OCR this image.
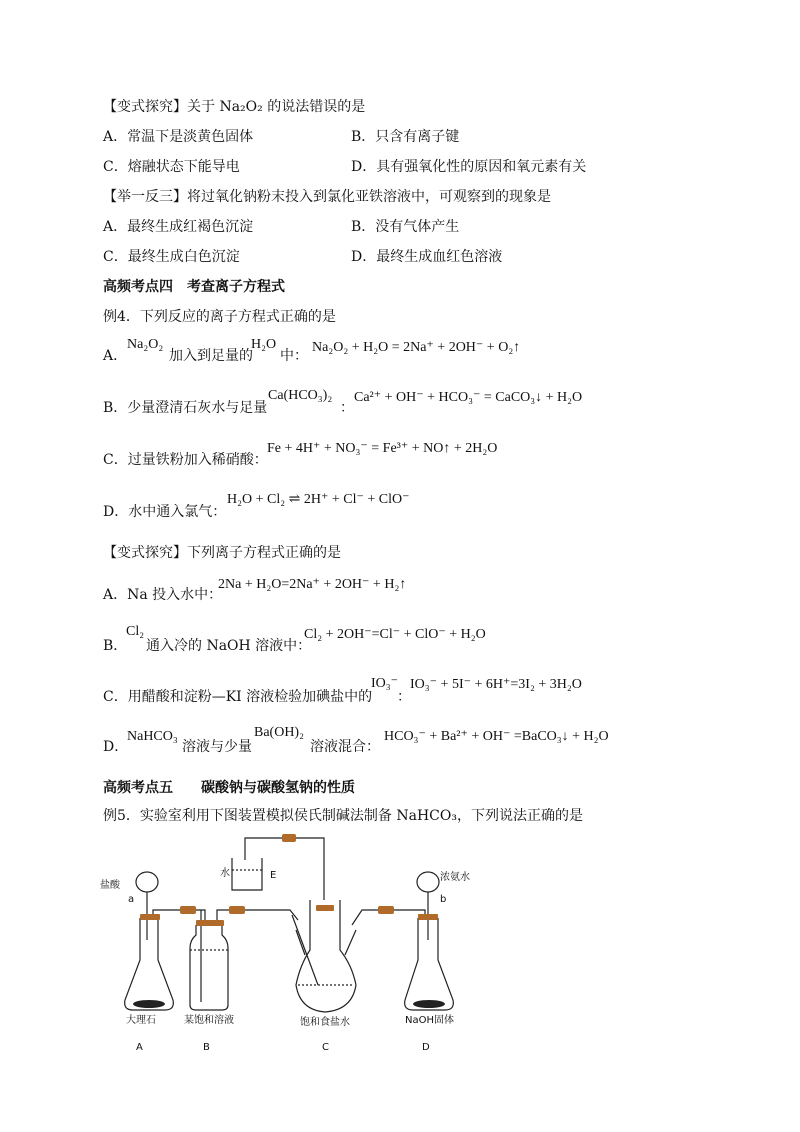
【变式探究】关于 Na₂O₂ 的说法错误的是
A．常温下是淡黄色固体	B．只含有离子键
C．熔融状态下能导电	D．具有强氧化性的原因和氧元素有关
【举一反三】将过氧化钠粉末投入到氯化亚铁溶液中，可观察到的现象是
A．最终生成红褐色沉淀	B．没有气体产生
C．最终生成白色沉淀	D．最终生成血红色溶液
高频考点四　考查离子方程式
例4．下列反应的离子方程式正确的是
A．
Na₂O₂
加入到足量的
H₂O
中：
Na₂O₂ + H₂O = 2Na⁺ + 2OH⁻ + O₂↑
B．少量澄清石灰水与足量
Ca(HCO₃)₂
：
Ca²⁺ + OH⁻ + HCO₃⁻ = CaCO₃↓ + H₂O
C．过量铁粉加入稀硝酸：
Fe + 4H⁺ + NO₃⁻ = Fe³⁺ + NO↑ + 2H₂O
D．水中通入氯气：
H₂O + Cl₂ ⇌ 2H⁺ + Cl⁻ + ClO⁻
【变式探究】下列离子方程式正确的是
A．Na 投入水中：
2Na + H₂O=2Na⁺ + 2OH⁻ + H₂↑
B．
Cl₂
通入冷的 NaOH 溶液中：
Cl₂ + 2OH⁻=Cl⁻ + ClO⁻ + H₂O
C．用醋酸和淀粉—KI 溶液检验加碘盐中的
IO₃⁻
：
IO₃⁻ + 5I⁻ + 6H⁺=3I₂ + 3H₂O
D．
NaHCO₃
溶液与少量
Ba(OH)₂
溶液混合：
HCO₃⁻ + Ba²⁺ + OH⁻ =BaCO₃↓ + H₂O
高频考点五　　碳酸钠与碳酸氢钠的性质
例5．实验室利用下图装置模拟侯氏制碱法制备 NaHCO₃，下列说法正确的是
盐酸
a
大理石	某饱和溶液
水	E
饱和食盐水
浓氨水
b
NaOH固体
A	B	C	D
